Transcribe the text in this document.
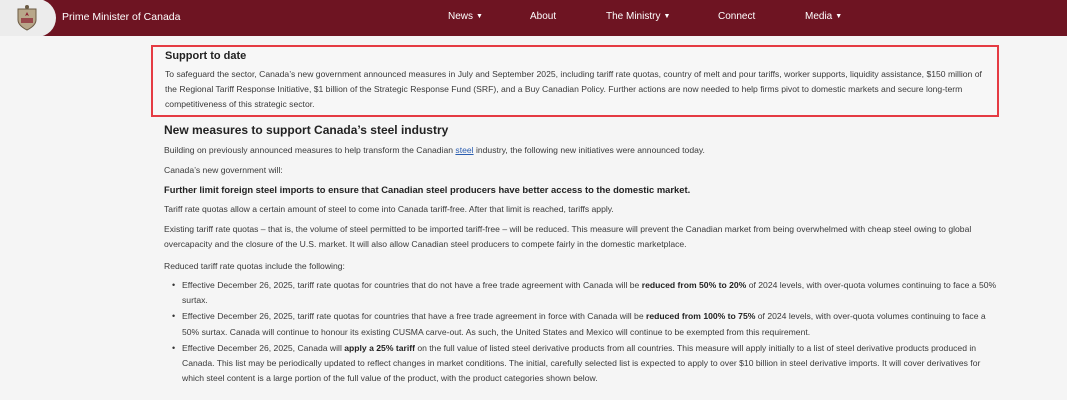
Prime Minister of Canada	News ▼	About	The Ministry ▼	Connect	Media ▼
Support to date
To safeguard the sector, Canada’s new government announced measures in July and September 2025, including tariff rate quotas, country of melt and pour tariffs, worker supports, liquidity assistance, $150 million of the Regional Tariff Response Initiative, $1 billion of the Strategic Response Fund (SRF), and a Buy Canadian Policy. Further actions are now needed to help firms pivot to domestic markets and secure long-term competitiveness of this strategic sector.
New measures to support Canada’s steel industry
Building on previously announced measures to help transform the Canadian steel industry, the following new initiatives were announced today.
Canada’s new government will:
Further limit foreign steel imports to ensure that Canadian steel producers have better access to the domestic market.
Tariff rate quotas allow a certain amount of steel to come into Canada tariff-free. After that limit is reached, tariffs apply.
Existing tariff rate quotas – that is, the volume of steel permitted to be imported tariff-free – will be reduced. This measure will prevent the Canadian market from being overwhelmed with cheap steel owing to global overcapacity and the closure of the U.S. market. It will also allow Canadian steel producers to compete fairly in the domestic marketplace.
Reduced tariff rate quotas include the following:
• Effective December 26, 2025, tariff rate quotas for countries that do not have a free trade agreement with Canada will be reduced from 50% to 20% of 2024 levels, with over-quota volumes continuing to face a 50% surtax.
• Effective December 26, 2025, tariff rate quotas for countries that have a free trade agreement in force with Canada will be reduced from 100% to 75% of 2024 levels, with over-quota volumes continuing to face a 50% surtax. Canada will continue to honour its existing CUSMA carve-out. As such, the United States and Mexico will continue to be exempted from this requirement.
• Effective December 26, 2025, Canada will apply a 25% tariff on the full value of listed steel derivative products from all countries. This measure will apply initially to a list of steel derivative products produced in Canada. This list may be periodically updated to reflect changes in market conditions. The initial, carefully selected list is expected to apply to over $10 billion in steel derivative imports. It will cover derivatives for which steel content is a large portion of the full value of the product, with the product categories shown below.
